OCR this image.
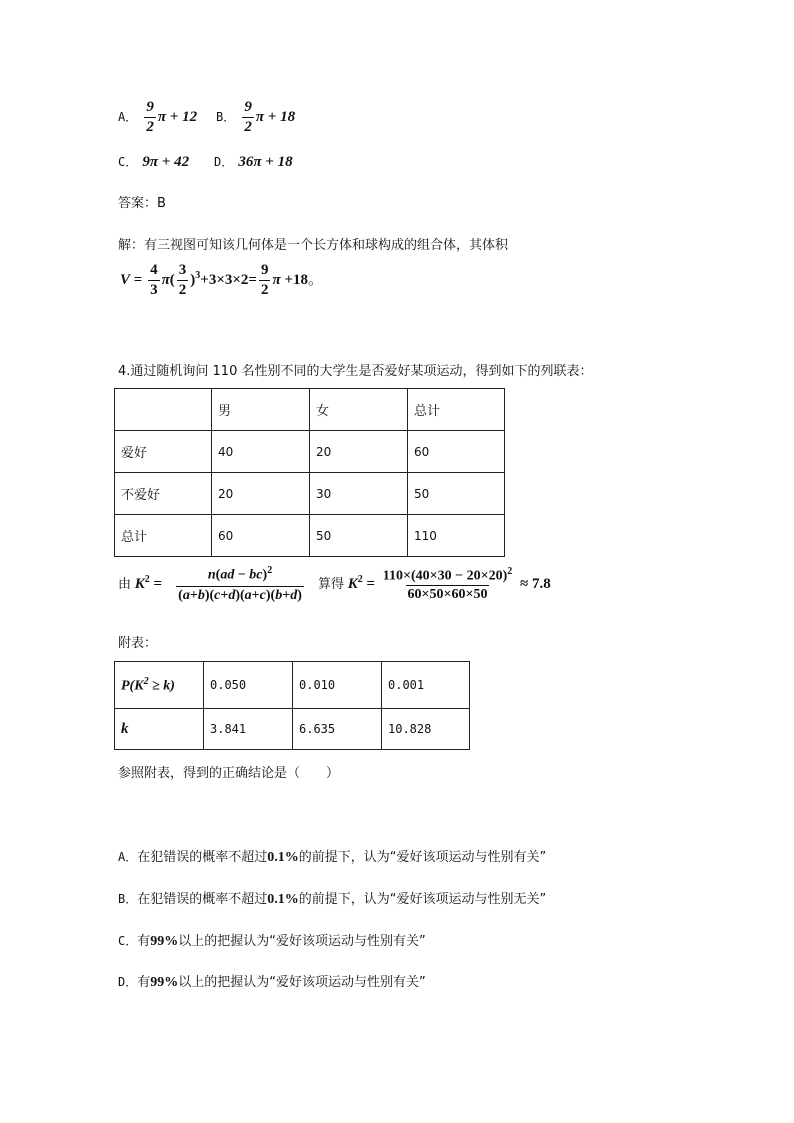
A． $\frac{9}{2}$ π + 12 B． $\frac{9}{2}$ π + 18
C． 9π + 42 D． 36π + 18
答案：B
解：有三视图可知该几何体是一个长方体和球构成的组合体，其体积
$V = \frac{4}{3} \pi( \frac{3}{2} )^3+3\times 3\times 2= \frac{9}{2}$ π +18。
4.通过随机询问 110 名性别不同的大学生是否爱好某项运动，得到如下的列联表：
	男	女	总计
爱好	40	20	60
不爱好	20	30	50
总计	60	50	110
由 $K^2 = \frac{n(ad - bc)^2}{(a+b)(c+d)(a+c)(b+d)}$ 算得 $K^2 = \frac{110\times(40\times 30 - 20\times 20)^2}{60\times 50\times 60\times 50} \approx 7.8$
附表：
$P(K^2 \ge k)$	0.050	0.010	0.001
k	3.841	6.635	10.828
参照附表，得到的正确结论是（　　）
A．在犯错误的概率不超过0.1%的前提下，认为“爱好该项运动与性别有关”
B．在犯错误的概率不超过0.1%的前提下，认为“爱好该项运动与性别无关”
C．有99%以上的把握认为“爱好该项运动与性别有关”
D．有99%以上的把握认为“爱好该项运动与性别有关”
